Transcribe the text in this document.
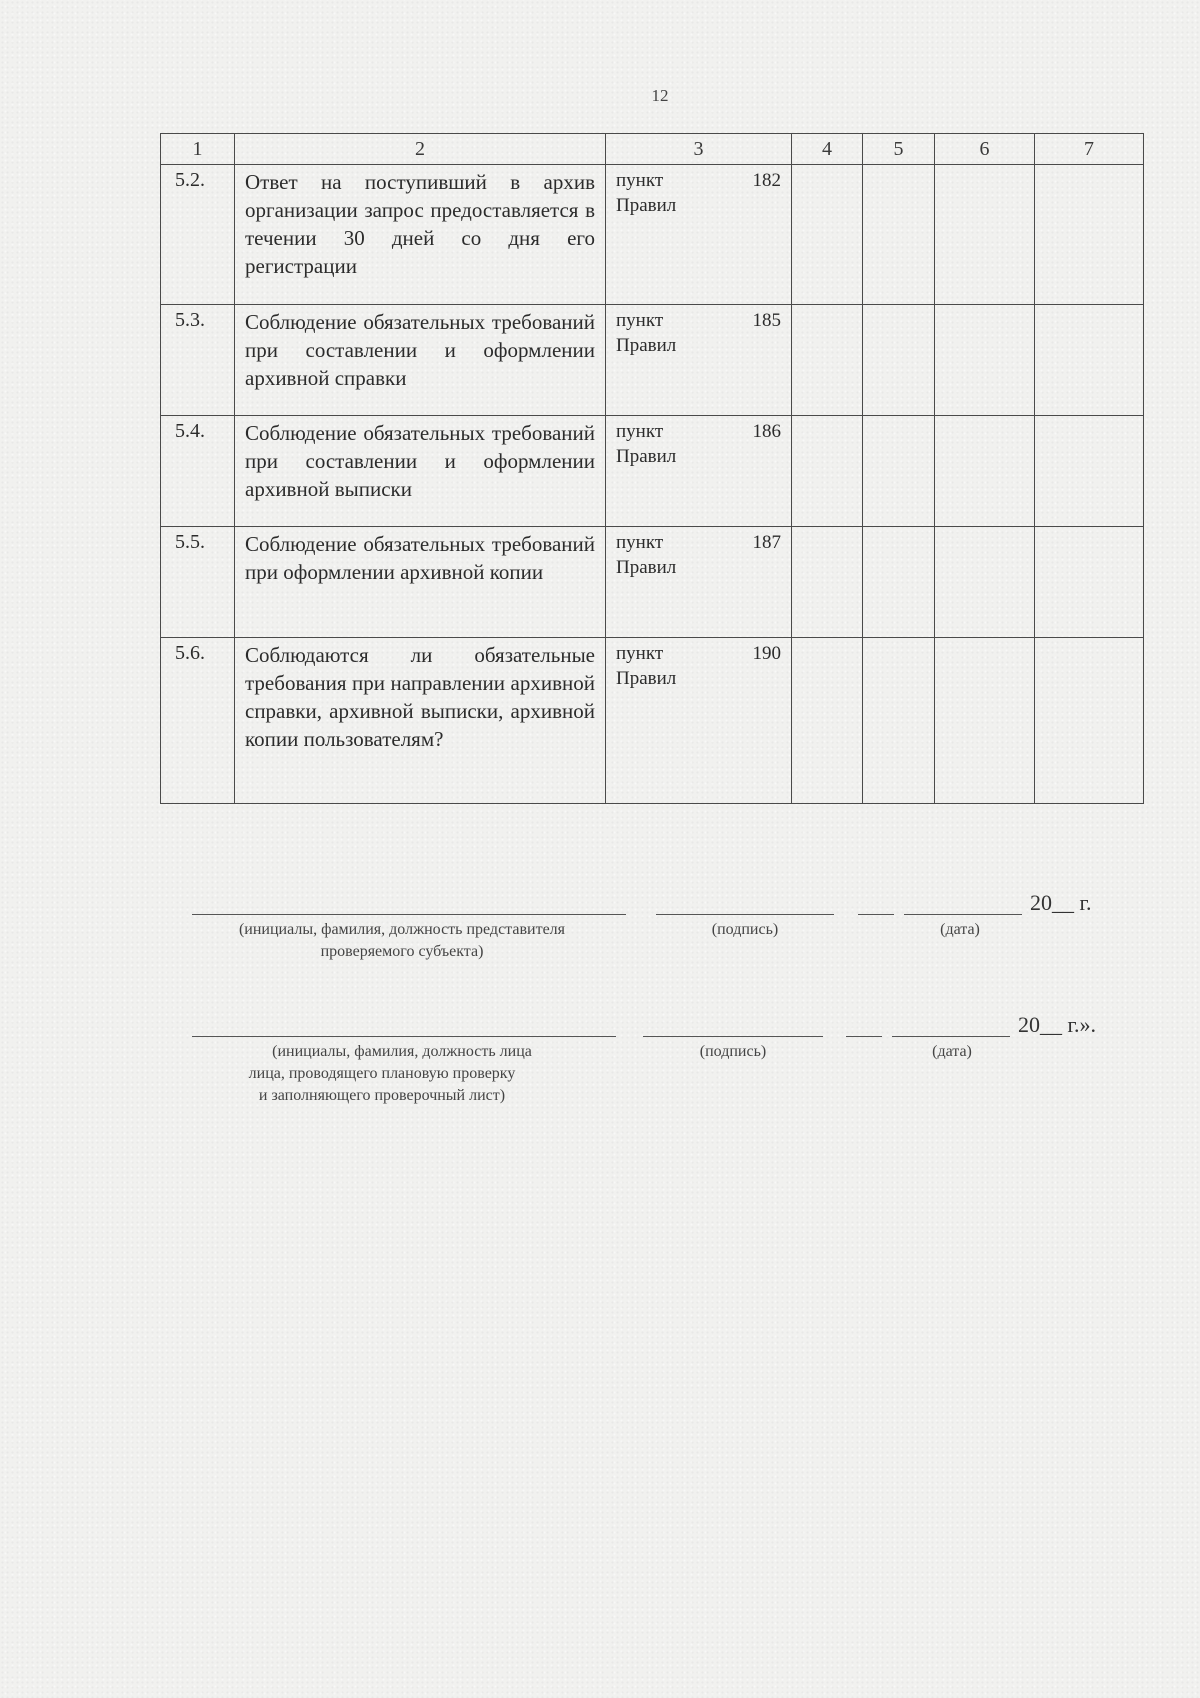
12
1	2	3	4	5	6	7
5.2.	Ответ на поступивший в архив организации запрос предоставляется в течении 30 дней со дня его регистрации	пункт 182
Правил				

5.3.	Соблюдение обязательных требований при составлении и оформлении архивной справки	пункт 185
Правил				

5.4.	Соблюдение обязательных требований при составлении и оформлении архивной выписки	пункт 186
Правил				

5.5.	Соблюдение обязательных требований при оформлении архивной копии	пункт 187
Правил				

5.6.	Соблюдаются ли обязательные требования при направлении архивной справки, архивной выписки, архивной копии пользователям?	пункт 190
Правил				

20__ г.
(инициалы, фамилия, должность представителя
проверяемого субъекта)
(подпись)	(дата)
20__ г.».
(инициалы, фамилия, должность лица
лица, проводящего плановую проверку
и заполняющего проверочный лист)
(подпись)	(дата)
